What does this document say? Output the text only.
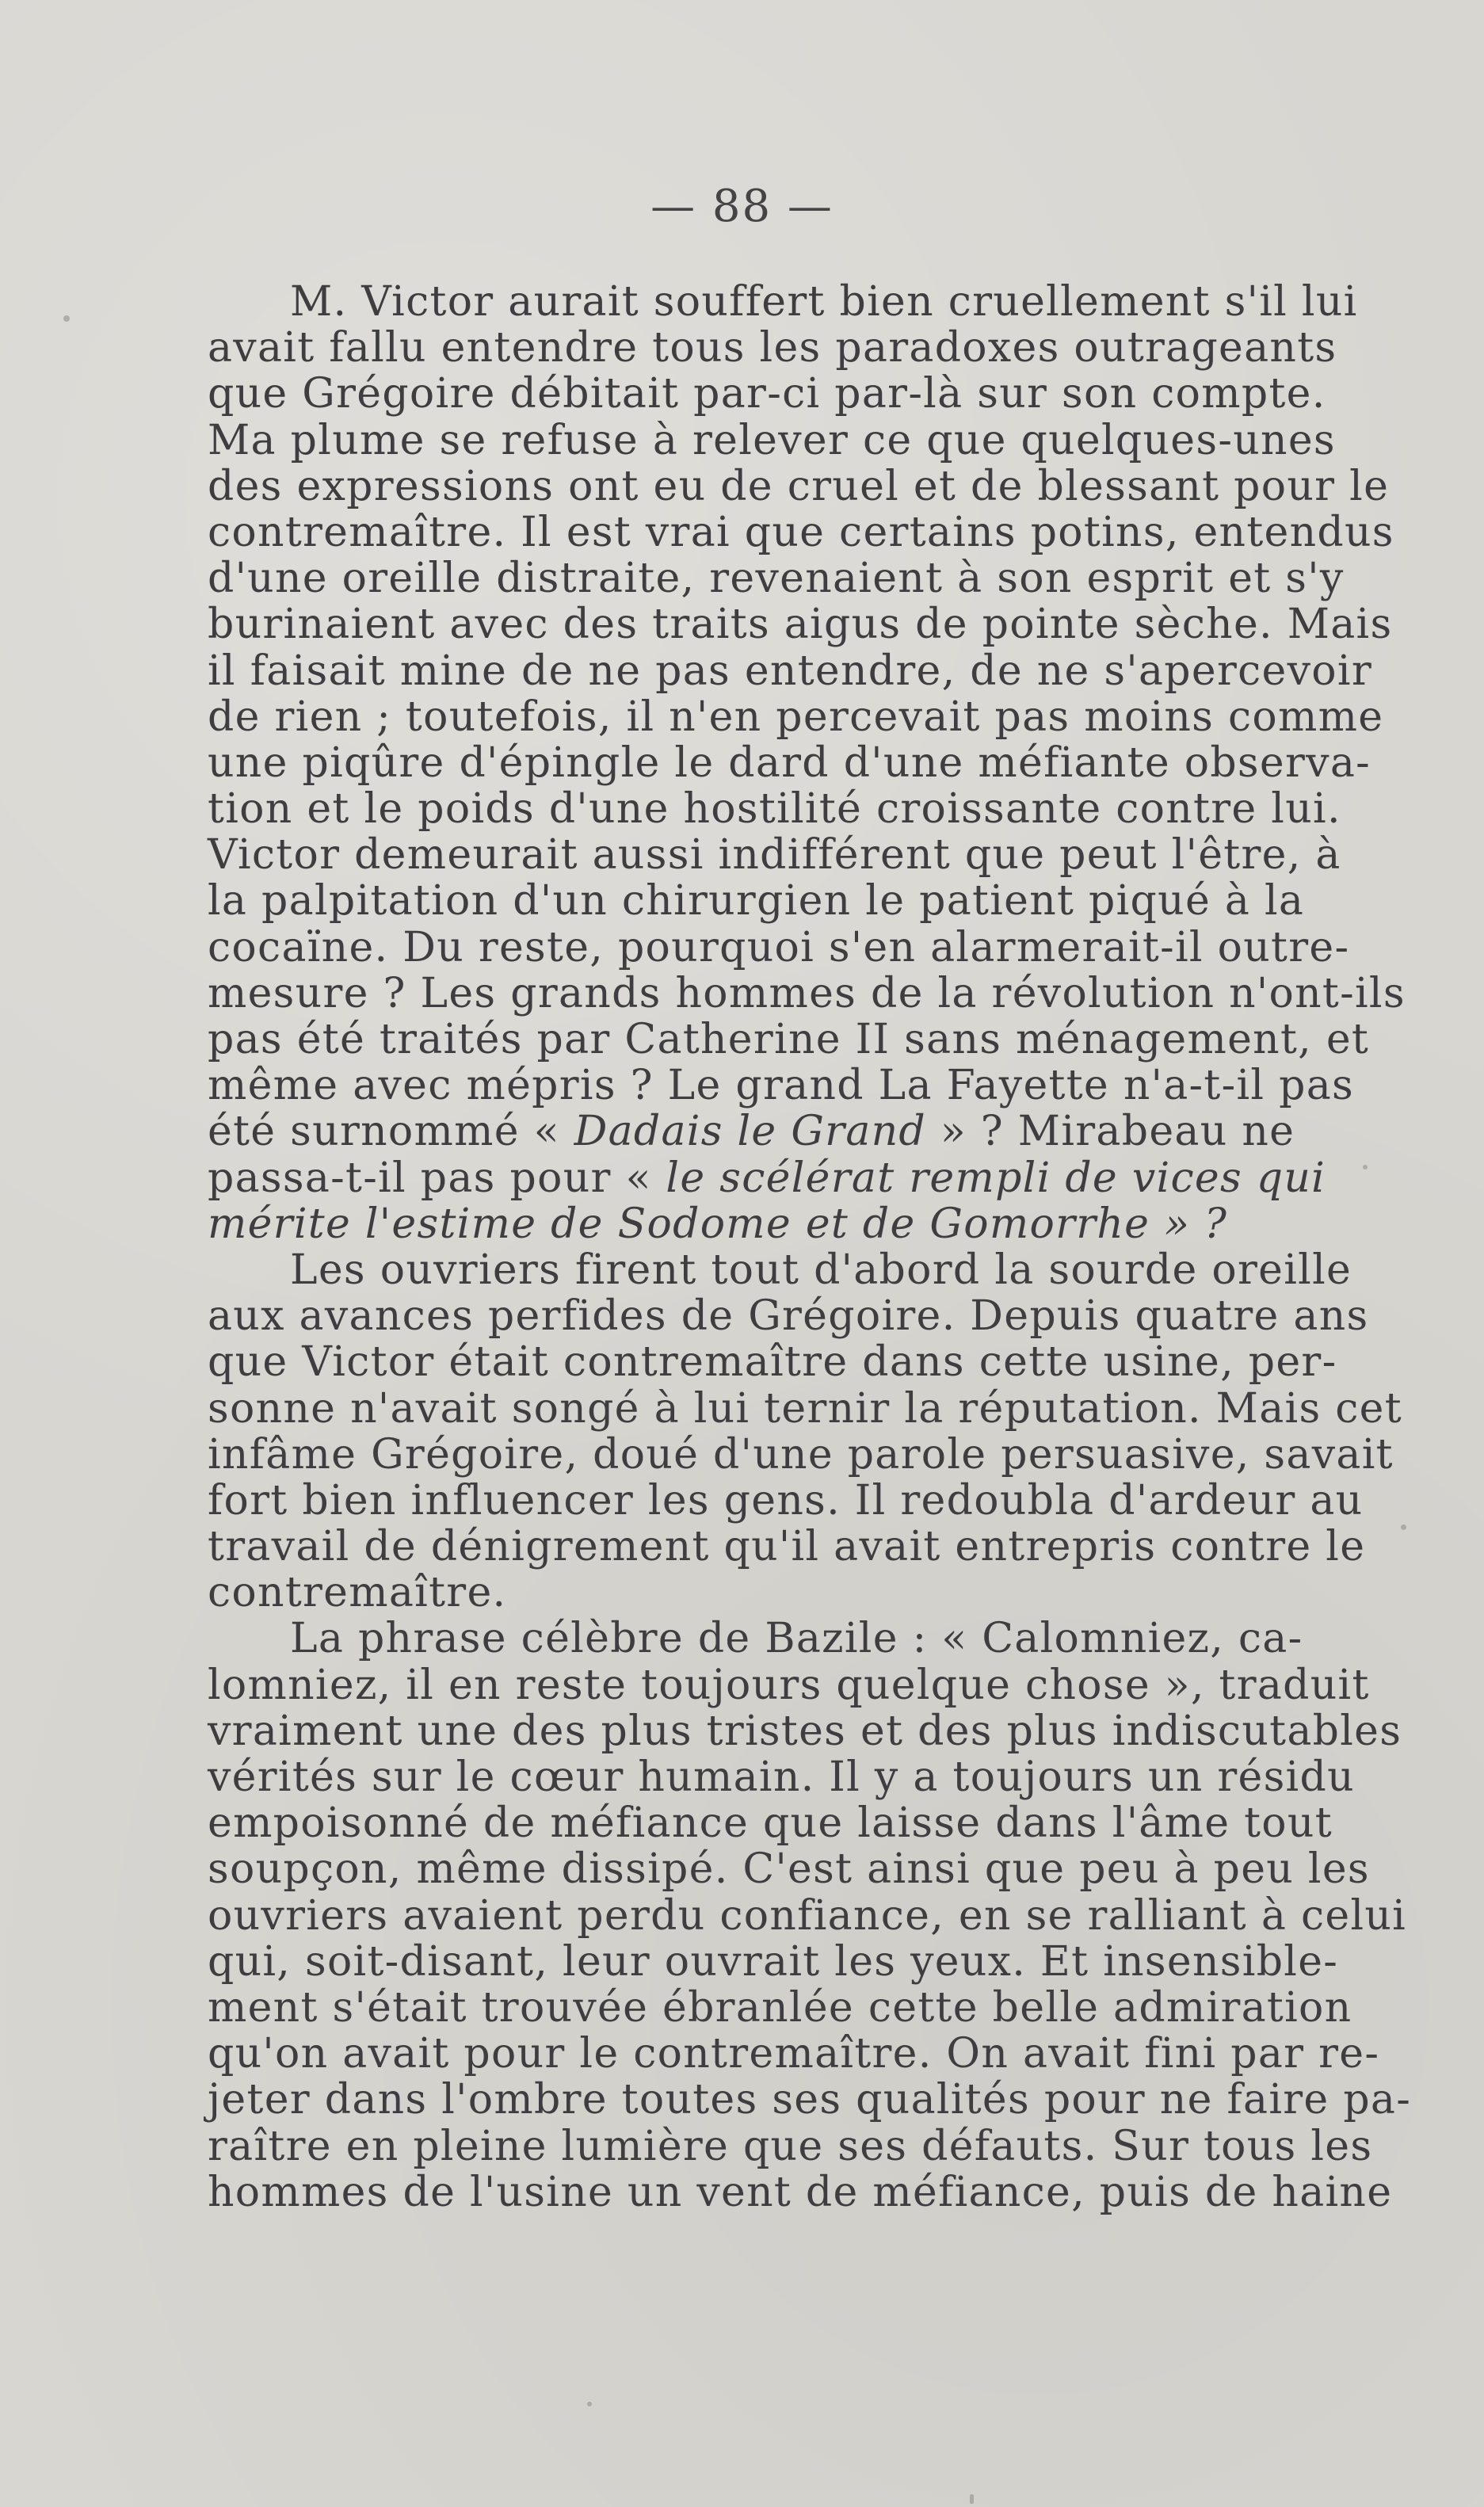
— 88 —
M. Victor aurait souffert bien cruellement s'il lui
avait fallu entendre tous les paradoxes outrageants
que Grégoire débitait par-ci par-là sur son compte.
Ma plume se refuse à relever ce que quelques-unes
des expressions ont eu de cruel et de blessant pour le
contremaître. Il est vrai que certains potins, entendus
d'une oreille distraite, revenaient à son esprit et s'y
burinaient avec des traits aigus de pointe sèche. Mais
il faisait mine de ne pas entendre, de ne s'apercevoir
de rien ; toutefois, il n'en percevait pas moins comme
une piqûre d'épingle le dard d'une méfiante observa-
tion et le poids d'une hostilité croissante contre lui.
Victor demeurait aussi indifférent que peut l'être, à
la palpitation d'un chirurgien le patient piqué à la
cocaïne. Du reste, pourquoi s'en alarmerait-il outre-
mesure ? Les grands hommes de la révolution n'ont-ils
pas été traités par Catherine II sans ménagement, et
même avec mépris ? Le grand La Fayette n'a-t-il pas
été surnommé « Dadais le Grand » ? Mirabeau ne
passa-t-il pas pour « le scélérat rempli de vices qui
mérite l'estime de Sodome et de Gomorrhe » ?
Les ouvriers firent tout d'abord la sourde oreille
aux avances perfides de Grégoire. Depuis quatre ans
que Victor était contremaître dans cette usine, per-
sonne n'avait songé à lui ternir la réputation. Mais cet
infâme Grégoire, doué d'une parole persuasive, savait
fort bien influencer les gens. Il redoubla d'ardeur au
travail de dénigrement qu'il avait entrepris contre le
contremaître.
La phrase célèbre de Bazile : « Calomniez, ca-
lomniez, il en reste toujours quelque chose », traduit
vraiment une des plus tristes et des plus indiscutables
vérités sur le cœur humain. Il y a toujours un résidu
empoisonné de méfiance que laisse dans l'âme tout
soupçon, même dissipé. C'est ainsi que peu à peu les
ouvriers avaient perdu confiance, en se ralliant à celui
qui, soit-disant, leur ouvrait les yeux. Et insensible-
ment s'était trouvée ébranlée cette belle admiration
qu'on avait pour le contremaître. On avait fini par re-
jeter dans l'ombre toutes ses qualités pour ne faire pa-
raître en pleine lumière que ses défauts. Sur tous les
hommes de l'usine un vent de méfiance, puis de haine
